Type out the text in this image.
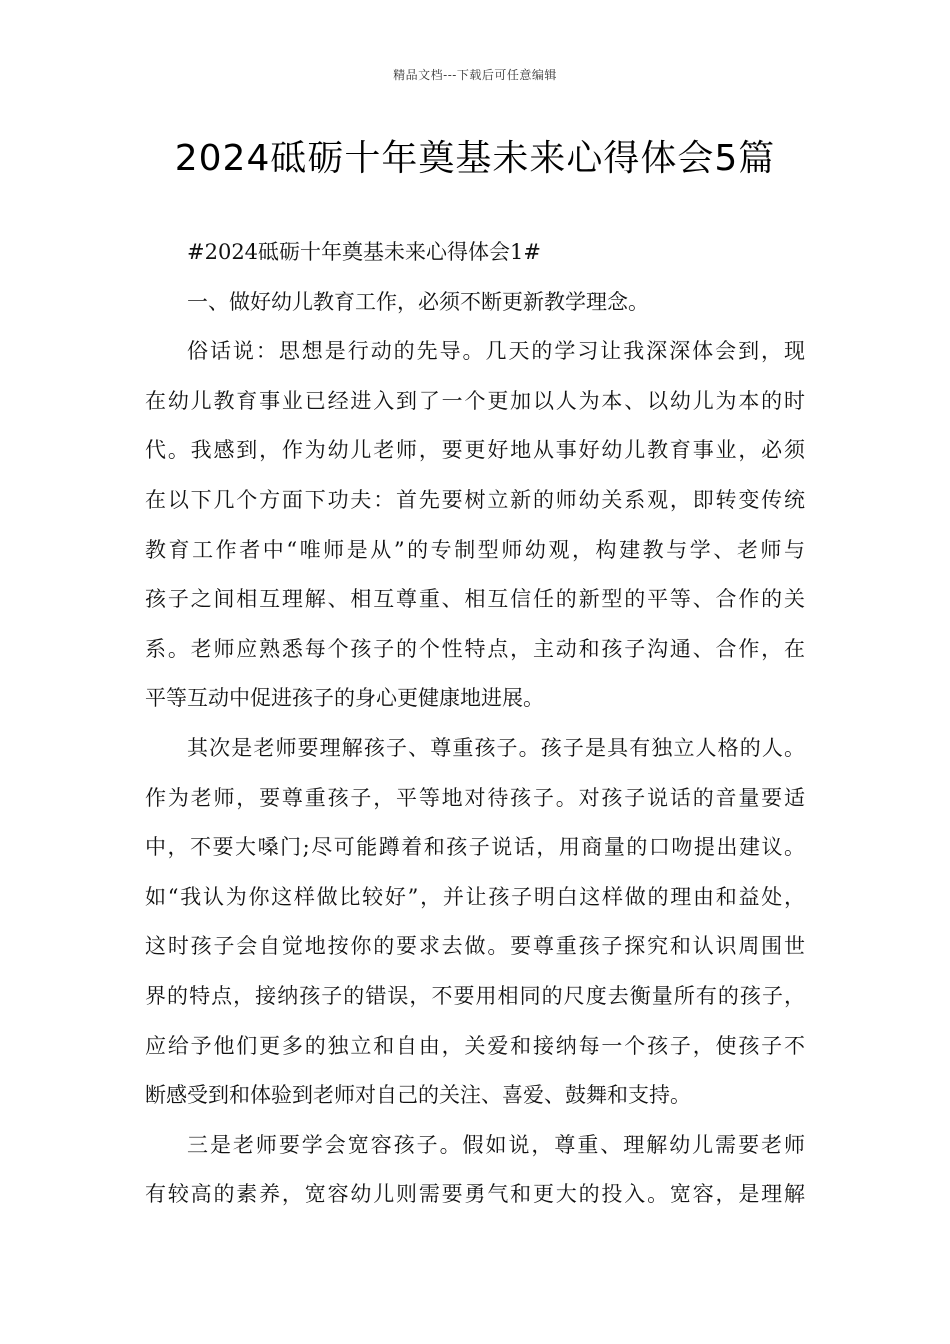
精品文档---下载后可任意编辑
2024砥砺十年奠基未来心得体会5篇
#2024砥砺十年奠基未来心得体会1#
一、做好幼儿教育工作，必须不断更新教学理念。
俗话说：思想是行动的先导。几天的学习让我深深体会到，现
在幼儿教育事业已经进入到了一个更加以人为本、以幼儿为本的时
代。我感到，作为幼儿老师，要更好地从事好幼儿教育事业，必须
在以下几个方面下功夫：首先要树立新的师幼关系观，即转变传统
教育工作者中“唯师是从”的专制型师幼观，构建教与学、老师与
孩子之间相互理解、相互尊重、相互信任的新型的平等、合作的关
系。老师应熟悉每个孩子的个性特点，主动和孩子沟通、合作，在
平等互动中促进孩子的身心更健康地进展。
其次是老师要理解孩子、尊重孩子。孩子是具有独立人格的人。
作为老师，要尊重孩子，平等地对待孩子。对孩子说话的音量要适
中，不要大嗓门;尽可能蹲着和孩子说话，用商量的口吻提出建议。
如“我认为你这样做比较好”，并让孩子明白这样做的理由和益处，
这时孩子会自觉地按你的要求去做。要尊重孩子探究和认识周围世
界的特点，接纳孩子的错误，不要用相同的尺度去衡量所有的孩子，
应给予他们更多的独立和自由，关爱和接纳每一个孩子，使孩子不
断感受到和体验到老师对自己的关注、喜爱、鼓舞和支持。
三是老师要学会宽容孩子。假如说，尊重、理解幼儿需要老师
有较高的素养，宽容幼儿则需要勇气和更大的投入。宽容，是理解
